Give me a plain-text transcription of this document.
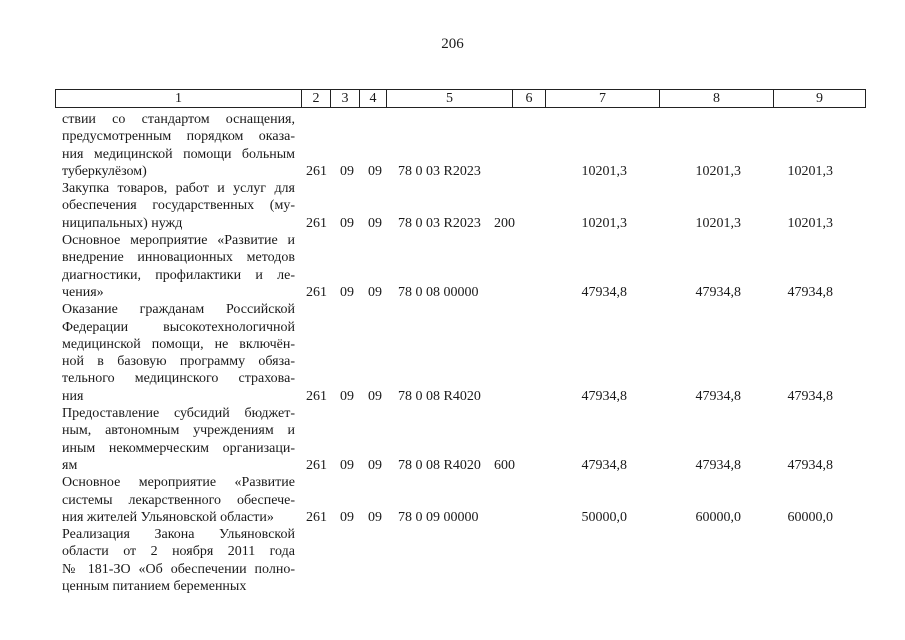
206
1	2	3	4	5	6	7	8	9
ствии со стандартом оснащения,
предусмотренным порядком оказа-
ния медицинской помощи больным
туберкулёзом)	261 09 09 78 0 03 R2023	10201,3	10201,3	10201,3
Закупка товаров, работ и услуг для
обеспечения государственных (му-
ниципальных) нужд	261 09 09 78 0 03 R2023 200	10201,3	10201,3	10201,3
Основное мероприятие «Развитие и
внедрение инновационных методов
диагностики, профилактики и ле-
чения»	261 09 09 78 0 08 00000	47934,8	47934,8	47934,8
Оказание гражданам Российской
Федерации высокотехнологичной
медицинской помощи, не включён-
ной в базовую программу обяза-
тельного медицинского страхова-
ния	261 09 09 78 0 08 R4020	47934,8	47934,8	47934,8
Предоставление субсидий бюджет-
ным, автономным учреждениям и
иным некоммерческим организаци-
ям	261 09 09 78 0 08 R4020 600	47934,8	47934,8	47934,8
Основное мероприятие «Развитие
системы лекарственного обеспече-
ния жителей Ульяновской области»	261 09 09 78 0 09 00000	50000,0	60000,0	60000,0
Реализация Закона Ульяновской
области от 2 ноября 2011 года
№ 181-ЗО «Об обеспечении полно-
ценным питанием беременных
